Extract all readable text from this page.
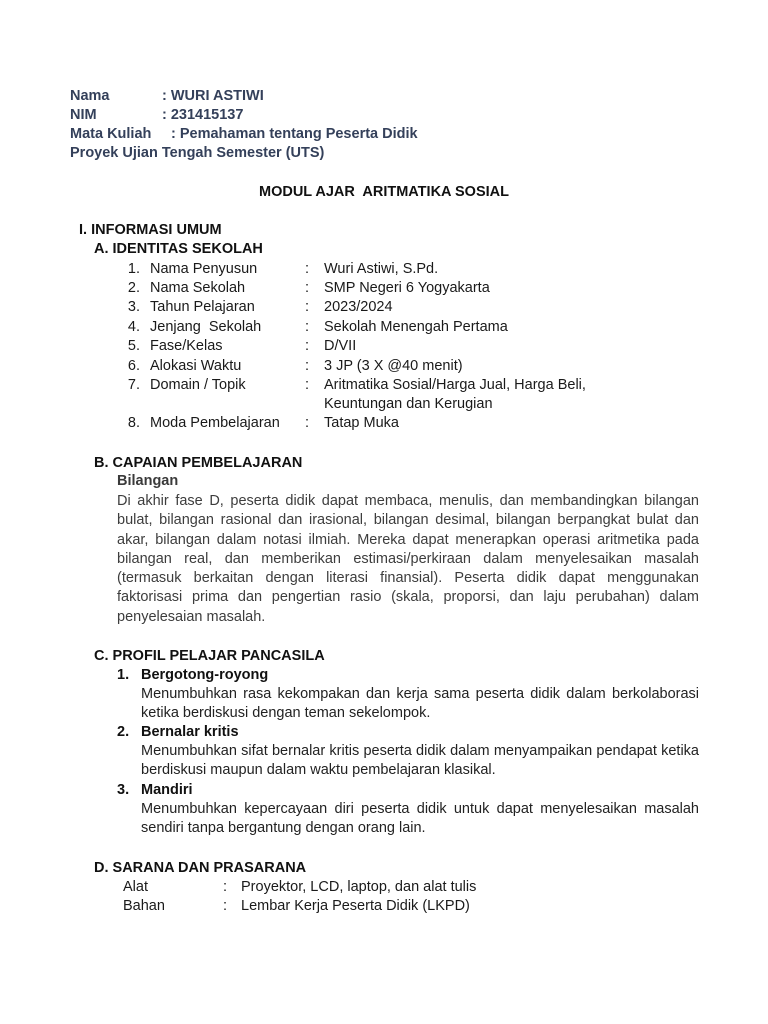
Nama	: WURI ASTIWI
NIM	: 231415137
Mata Kuliah : Pemahaman tentang Peserta Didik
Proyek Ujian Tengah Semester (UTS)
MODUL AJAR  ARITMATIKA SOSIAL
I. INFORMASI UMUM
A. IDENTITAS SEKOLAH
1. Nama Penyusun	: Wuri Astiwi, S.Pd.
2. Nama Sekolah	: SMP Negeri 6 Yogyakarta
3. Tahun Pelajaran	: 2023/2024
4. Jenjang  Sekolah	: Sekolah Menengah Pertama
5. Fase/Kelas	: D/VII
6. Alokasi Waktu	: 3 JP (3 X @40 menit)
7. Domain / Topik	: Aritmatika Sosial/Harga Jual, Harga Beli,
Keuntungan dan Kerugian
8. Moda Pembelajaran : Tatap Muka
B. CAPAIAN PEMBELAJARAN
Bilangan
Di akhir fase D, peserta didik dapat membaca, menulis, dan membandingkan bilangan bulat, bilangan rasional dan irasional, bilangan desimal, bilangan berpangkat bulat dan akar, bilangan dalam notasi ilmiah. Mereka dapat menerapkan operasi aritmetika pada bilangan real, dan memberikan estimasi/perkiraan dalam menyelesaikan masalah (termasuk berkaitan dengan literasi finansial). Peserta didik dapat menggunakan faktorisasi prima dan pengertian rasio (skala, proporsi, dan laju perubahan) dalam penyelesaian masalah.
C. PROFIL PELAJAR PANCASILA
1. Bergotong-royong
Menumbuhkan rasa kekompakan dan kerja sama peserta didik dalam berkolaborasi ketika berdiskusi dengan teman sekelompok.
2. Bernalar kritis
Menumbuhkan sifat bernalar kritis peserta didik dalam menyampaikan pendapat ketika berdiskusi maupun dalam waktu pembelajaran klasikal.
3. Mandiri
Menumbuhkan kepercayaan diri peserta didik untuk dapat menyelesaikan masalah sendiri tanpa bergantung dengan orang lain.
D. SARANA DAN PRASARANA
Alat	: Proyektor, LCD, laptop, dan alat tulis
Bahan	: Lembar Kerja Peserta Didik (LKPD)
